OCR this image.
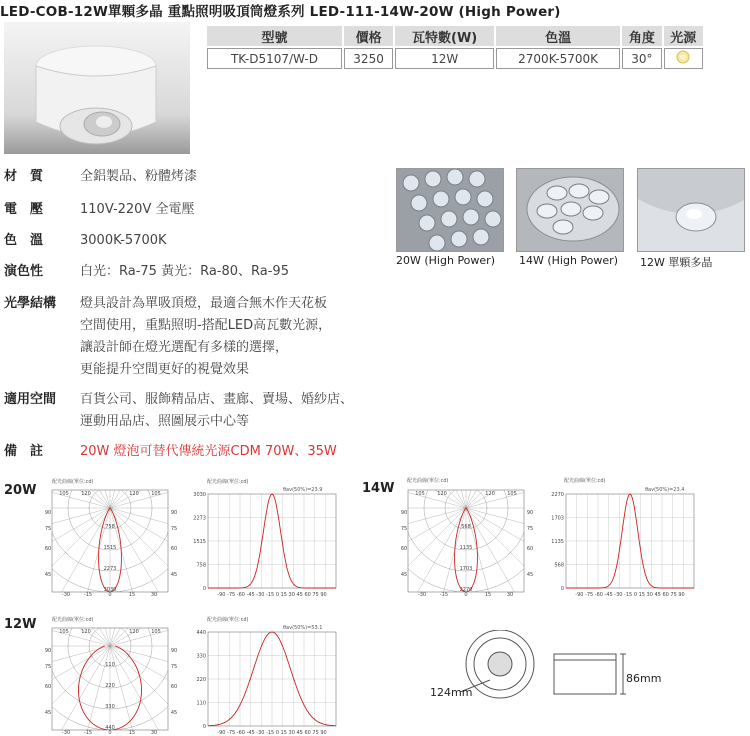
LED-COB-12W單顆多晶 重點照明吸頂筒燈系列 LED-111-14W-20W (High Power)
型號	價格	瓦特數(W)	色溫	角度	光源
TK-D5107/W-D	3250	12W	2700K-5700K	30°	
材　質	全鋁製品、粉體烤漆
電　壓	110V-220V 全電壓
色　溫	3000K-5700K
演色性	白光：Ra-75 黃光：Ra-80、Ra-95
光學結構	燈具設計為單吸頂燈，最適合無木作天花板
空間使用，重點照明-搭配LED高瓦數光源，
讓設計師在燈光選配有多樣的選擇，
更能提升空間更好的視覺效果
適用空間	百貨公司、服飾精品店、畫廊、賣場、婚紗店、
運動用品店、照圖展示中心等
備　註	20W 燈泡可替代傳統光源CDM 70W、35W
20W (High Power) 14W (High Power) 12W 單顆多晶
20W	14W
12W
配光曲線(單位:cd)
758
1515
2273
3030
105 120	120 105
90
75
60
45
90
75
60
45
-30	-15	0	15	30
配光曲線(單位:cd)
θav(50%)=23.9
3030
2273
1515
758
0
-90 -75 -60 -45 -30 -15 0 15 30 45 60 75 90
配光曲線(單位:cd)
568
1135
1703
2270
105 120	120 105
90
75
60
45
90
75
60
45
-30	-15	0	15	30
配光曲線(單位:cd)
θav(50%)=23.4
2270
1703
1135
568
0
-90 -75 -60 -45 -30 -15 0 15 30 45 60 75 90
配光曲線(單位:cd)
110
220
330
440
105 120	120 105
90
75
60
45
90
75
60
45
-30	-15	0	15	30
配光曲線(單位:cd)
θav(50%)=53.1
440
330
220
110
0
-90 -75 -60 -45 -30 -15 0 15 30 45 60 75 90
124mm
86mm
